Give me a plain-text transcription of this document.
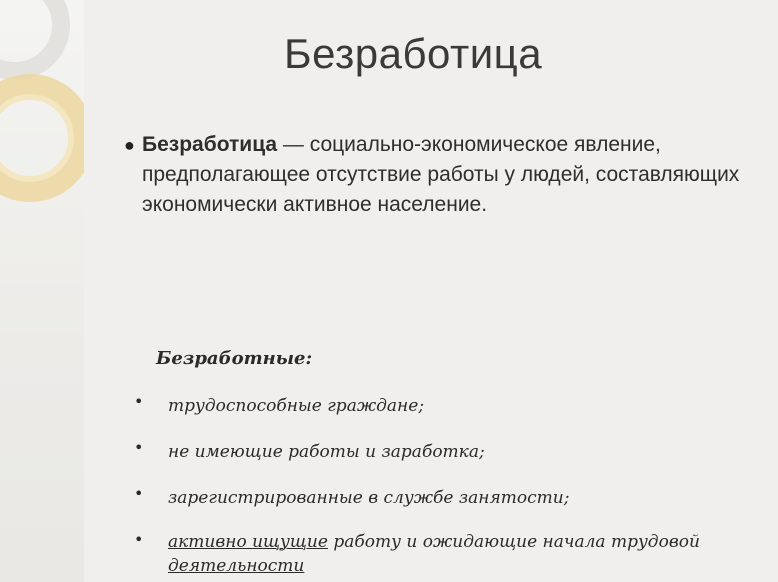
Безработица
● Безработица — социально-экономическое явление, предполагающее отсутствие работы у людей, составляющих экономически активное население.
Безработные:
• трудоспособные граждане;
• не имеющие работы и заработка;
• зарегистрированные в службе занятости;
• активно ищущие работу и ожидающие начала трудовой
деятельности
